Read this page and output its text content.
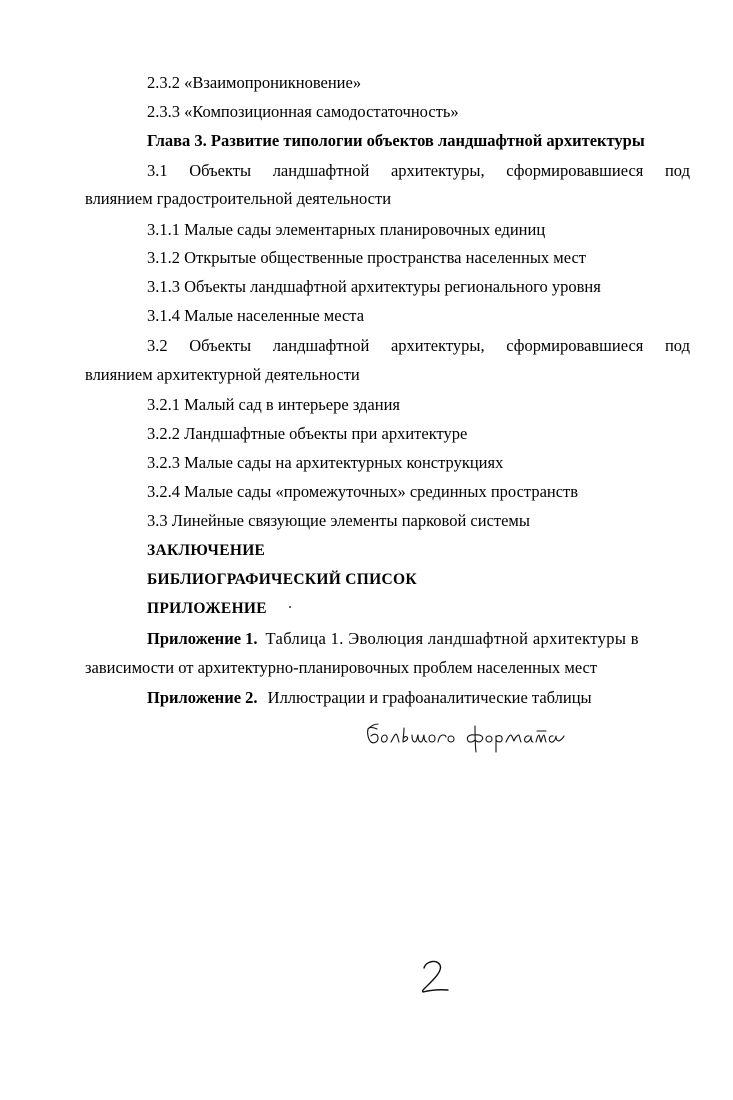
2.3.2 «Взаимопроникновение»
2.3.3 «Композиционная самодостаточность»
Глава 3. Развитие типологии объектов ландшафтной архитектуры
3.1 Объекты ландшафтной архитектуры, сформировавшиеся под
влиянием градостроительной деятельности
3.1.1 Малые сады элементарных планировочных единиц
3.1.2 Открытые общественные пространства населенных мест
3.1.3 Объекты ландшафтной архитектуры регионального уровня
3.1.4 Малые населенные места
3.2 Объекты ландшафтной архитектуры, сформировавшиеся под
влиянием архитектурной деятельности
3.2.1 Малый сад в интерьере здания
3.2.2 Ландшафтные объекты при архитектуре
3.2.3 Малые сады на архитектурных конструкциях
3.2.4 Малые сады «промежуточных» срединных пространств
3.3 Линейные связующие элементы парковой системы
ЗАКЛЮЧЕНИЕ
БИБЛИОГРАФИЧЕСКИЙ СПИСОК
ПРИЛОЖЕНИЕ
Приложение 1. Таблица 1. Эволюция ландшафтной архитектуры в
зависимости от архитектурно-планировочных проблем населенных мест
Приложение 2. Иллюстрации и графоаналитические таблицы
